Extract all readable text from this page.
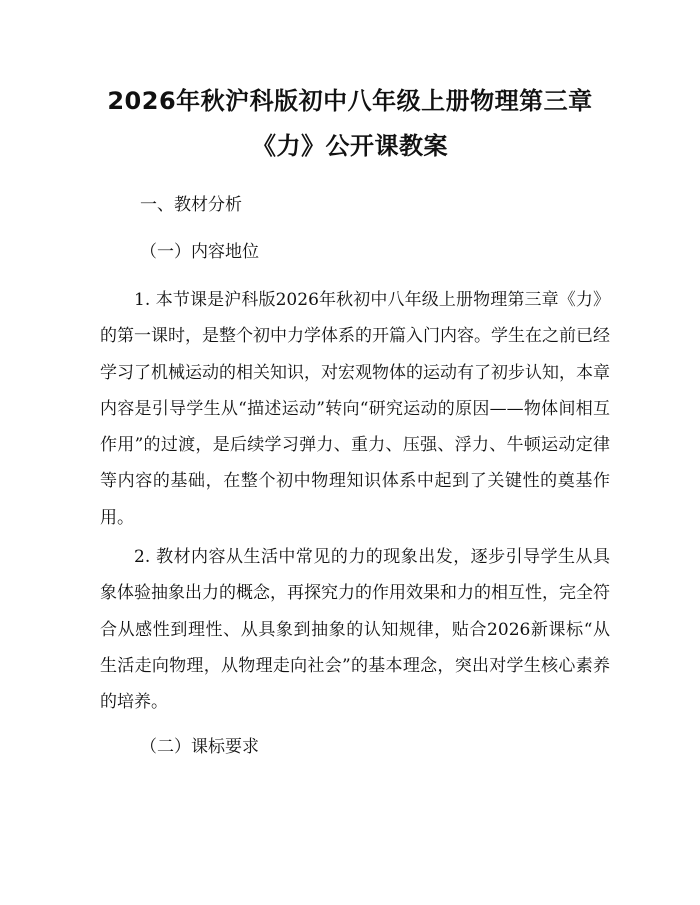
2026年秋沪科版初中八年级上册物理第三章
《力》公开课教案
一、教材分析
（一）内容地位
1. 本节课是沪科版2026年秋初中八年级上册物理第三章《力》的第一课时，是整个初中力学体系的开篇入门内容。学生在之前已经学习了机械运动的相关知识，对宏观物体的运动有了初步认知，本章内容是引导学生从“描述运动”转向“研究运动的原因——物体间相互作用”的过渡，是后续学习弹力、重力、压强、浮力、牛顿运动定律等内容的基础，在整个初中物理知识体系中起到了关键性的奠基作用。
2. 教材内容从生活中常见的力的现象出发，逐步引导学生从具象体验抽象出力的概念，再探究力的作用效果和力的相互性，完全符合从感性到理性、从具象到抽象的认知规律，贴合2026新课标“从生活走向物理，从物理走向社会”的基本理念，突出对学生核心素养的培养。
（二）课标要求
